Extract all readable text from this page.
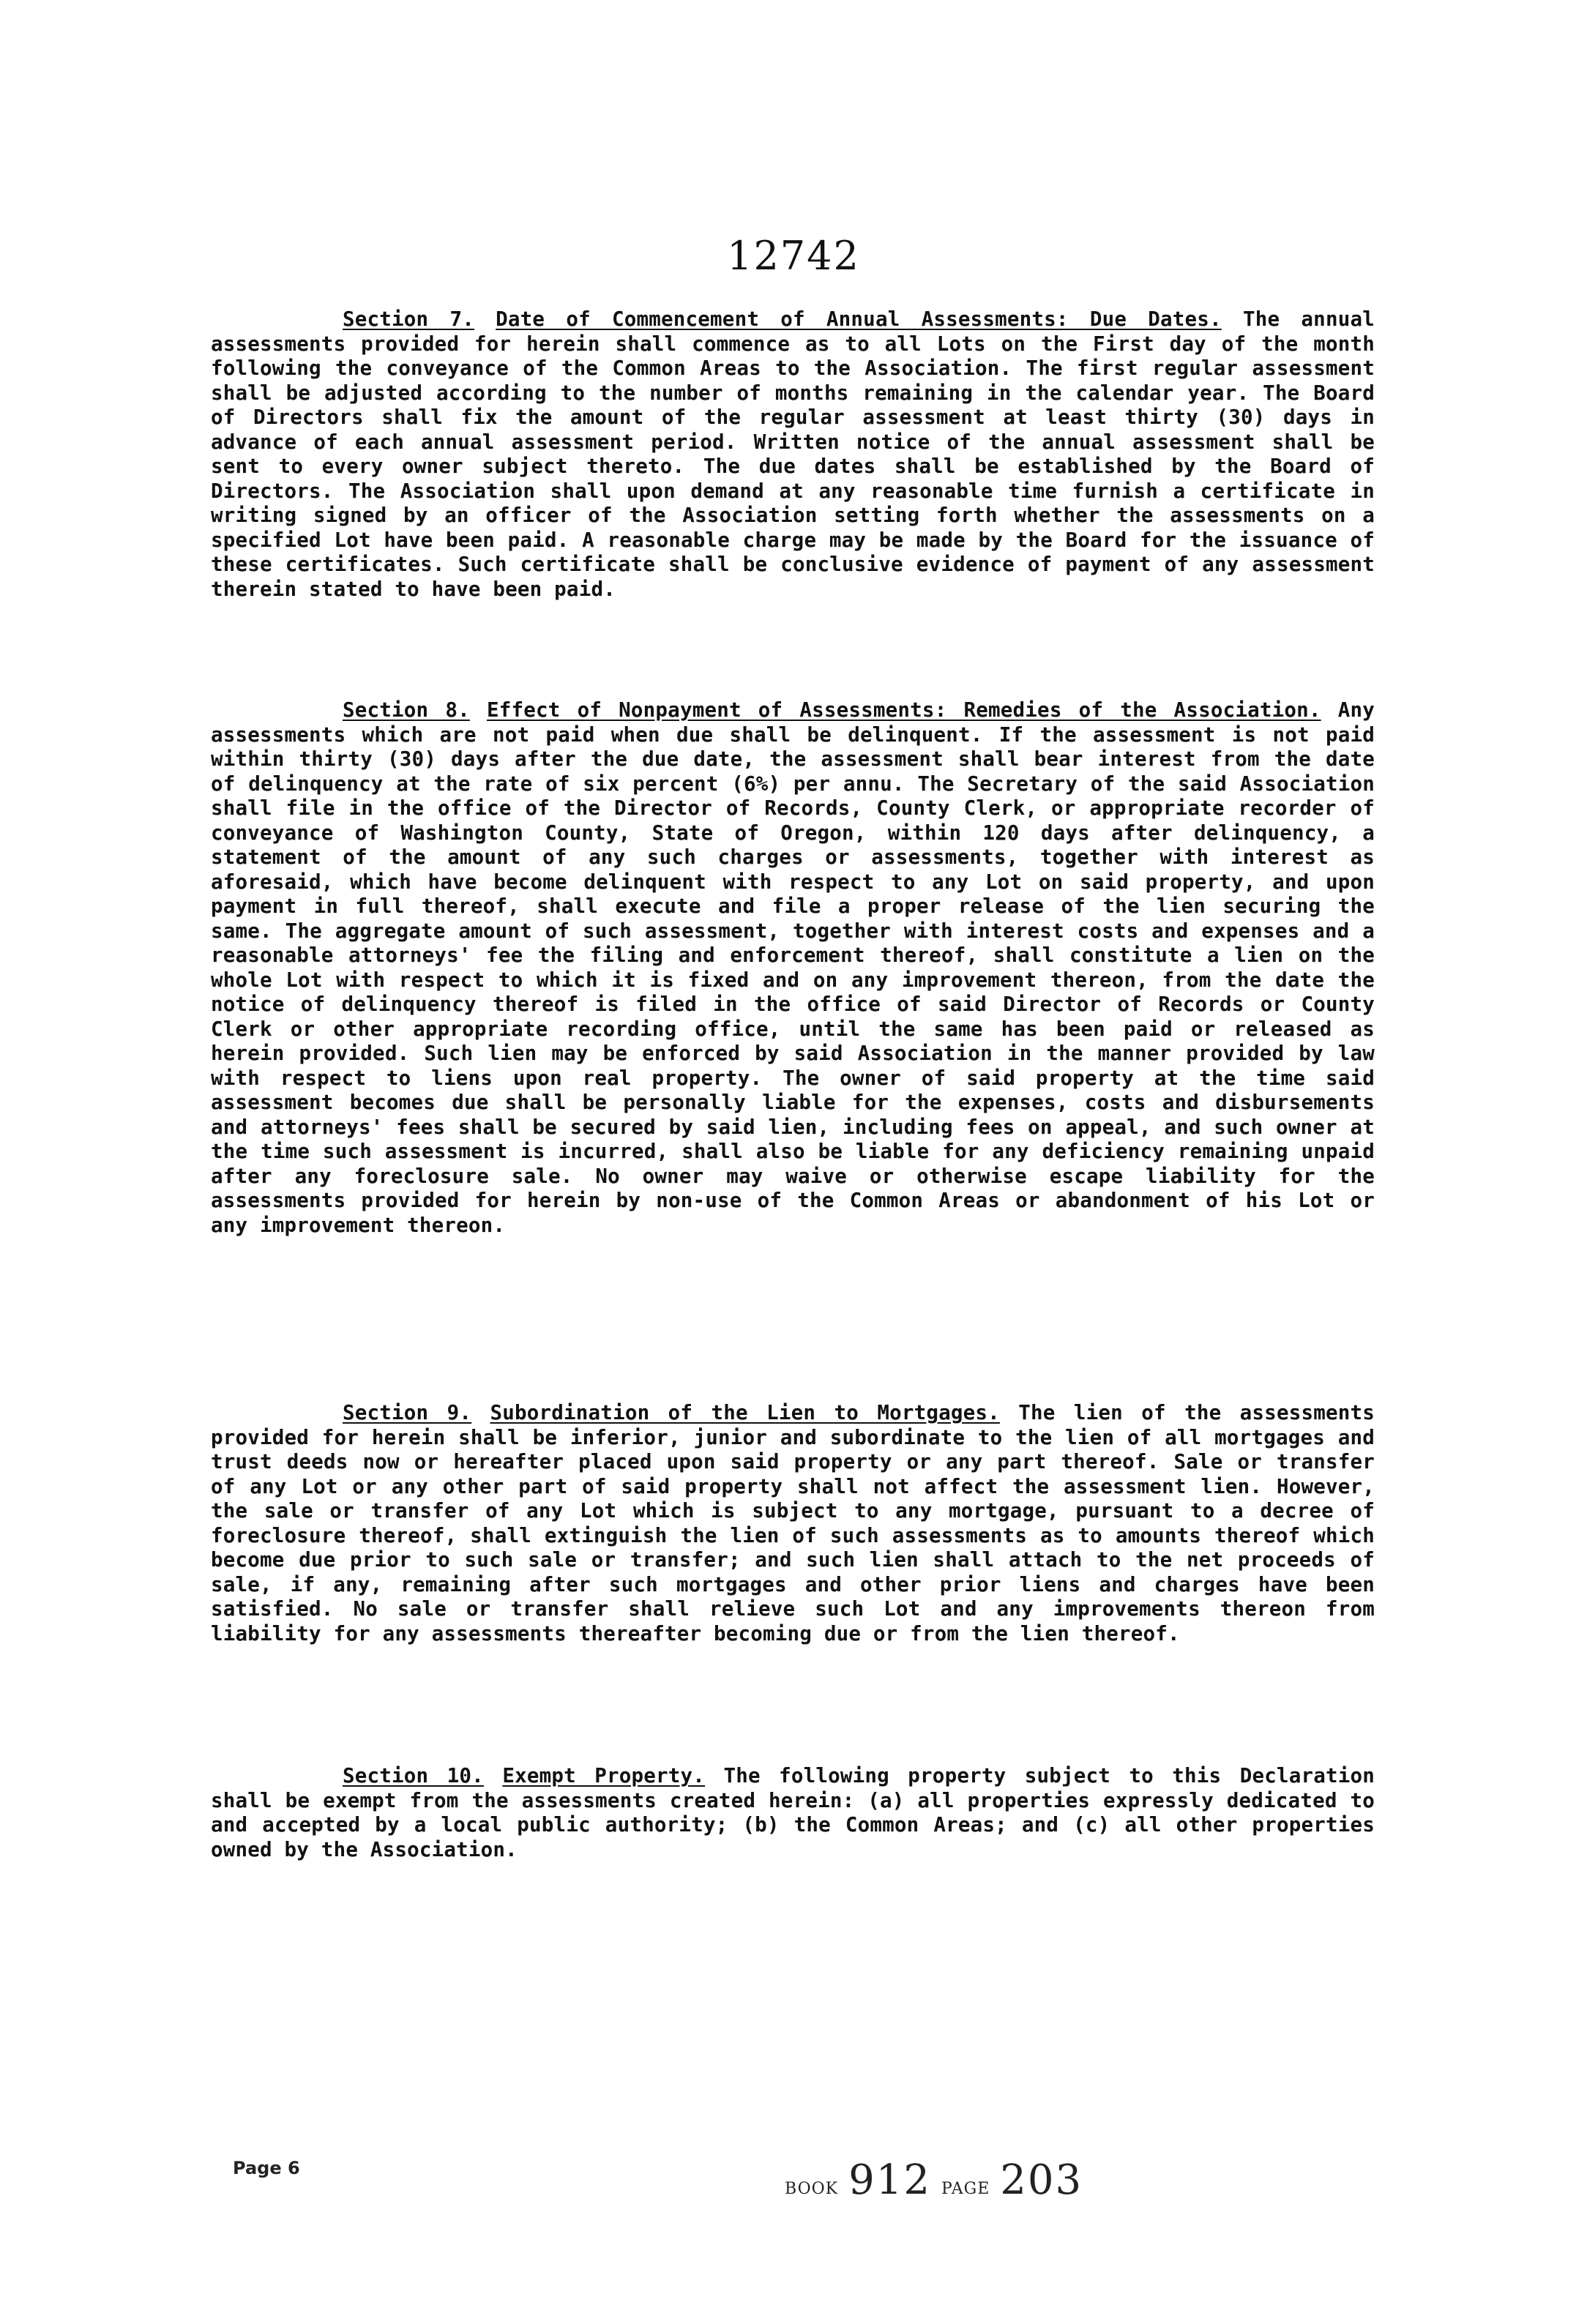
12742

Section 7. Date of Commencement of Annual Assessments: Due Dates. The annual assessments provided for herein shall commence as to all Lots on the First day of the month following the conveyance of the Common Areas to the Association. The first regular assessment shall be adjusted according to the number of months remaining in the calendar year. The Board of Directors shall fix the amount of the regular assessment at least thirty (30) days in advance of each annual assessment period. Written notice of the annual assessment shall be sent to every owner subject thereto. The due dates shall be established by the Board of Directors. The Association shall upon demand at any reasonable time furnish a certificate in writing signed by an officer of the Association setting forth whether the assessments on a specified Lot have been paid. A reasonable charge may be made by the Board for the issuance of these certificates. Such certificate shall be conclusive evidence of payment of any assessment therein stated to have been paid.

Section 8. Effect of Nonpayment of Assessments: Remedies of the Association. Any assessments which are not paid when due shall be delinquent. If the assessment is not paid within thirty (30) days after the due date, the assessment shall bear interest from the date of delinquency at the rate of six percent (6%) per annu. The Secretary of the said Association shall file in the office of the Director of Records, County Clerk, or appropriate recorder of conveyance of Washington County, State of Oregon, within 120 days after delinquency, a statement of the amount of any such charges or assessments, together with interest as aforesaid, which have become delinquent with respect to any Lot on said property, and upon payment in full thereof, shall execute and file a proper release of the lien securing the same. The aggregate amount of such assessment, together with interest costs and expenses and a reasonable attorneys' fee the filing and enforcement thereof, shall constitute a lien on the whole Lot with respect to which it is fixed and on any improvement thereon, from the date the notice of delinquency thereof is filed in the office of said Director of Records or County Clerk or other appropriate recording office, until the same has been paid or released as herein provided. Such lien may be enforced by said Association in the manner provided by law with respect to liens upon real property. The owner of said property at the time said assessment becomes due shall be personally liable for the expenses, costs and disbursements and attorneys' fees shall be secured by said lien, including fees on appeal, and such owner at the time such assessment is incurred, shall also be liable for any deficiency remaining unpaid after any foreclosure sale. No owner may waive or otherwise escape liability for the assessments provided for herein by non-use of the Common Areas or abandonment of his Lot or any improvement thereon.

Section 9. Subordination of the Lien to Mortgages. The lien of the assessments provided for herein shall be inferior, junior and subordinate to the lien of all mortgages and trust deeds now or hereafter placed upon said property or any part thereof. Sale or transfer of any Lot or any other part of said property shall not affect the assessment lien. However, the sale or transfer of any Lot which is subject to any mortgage, pursuant to a decree of foreclosure thereof, shall extinguish the lien of such assessments as to amounts thereof which become due prior to such sale or transfer; and such lien shall attach to the net proceeds of sale, if any, remaining after such mortgages and other prior liens and charges have been satisfied. No sale or transfer shall relieve such Lot and any improvements thereon from liability for any assessments thereafter becoming due or from the lien thereof.

Section 10. Exempt Property. The following property subject to this Declaration shall be exempt from the assessments created herein: (a) all properties expressly dedicated to and accepted by a local public authority; (b) the Common Areas; and (c) all other properties owned by the Association.

BOOK 912 PAGE 203
Page 6
